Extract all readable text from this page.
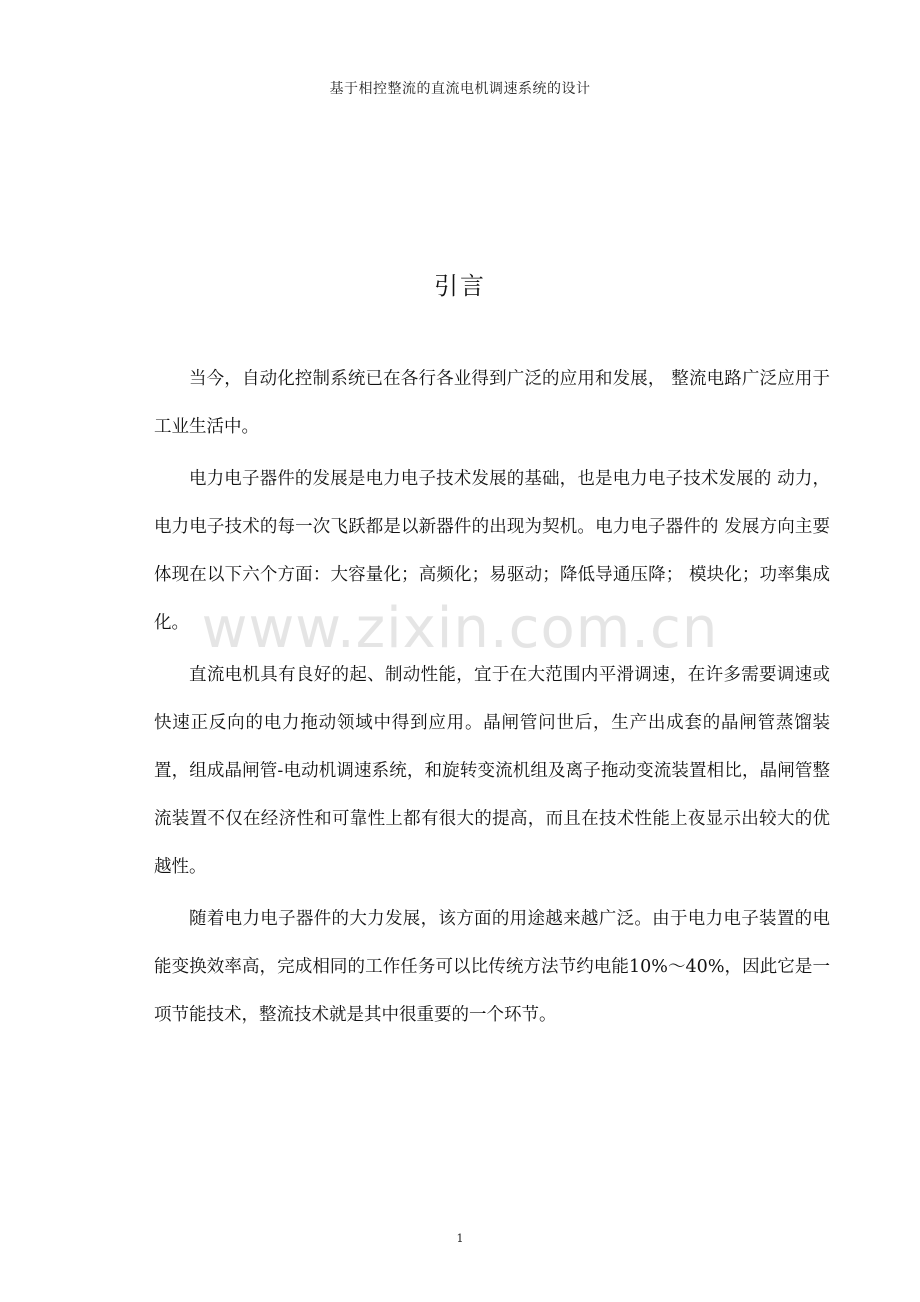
基于相控整流的直流电机调速系统的设计
引言

当今，自动化控制系统已在各行各业得到广泛的应用和发展， 整流电路广泛应用于工业生活中。

电力电子器件的发展是电力电子技术发展的基础，也是电力电子技术发展的 动力，电力电子技术的每一次飞跃都是以新器件的出现为契机。电力电子器件的 发展方向主要体现在以下六个方面：大容量化；高频化；易驱动；降低导通压降； 模块化；功率集成化。

直流电机具有良好的起、制动性能，宜于在大范围内平滑调速，在许多需要调速或快速正反向的电力拖动领域中得到应用。晶闸管问世后，生产出成套的晶闸管蒸馏装置，组成晶闸管-电动机调速系统，和旋转变流机组及离子拖动变流装置相比，晶闸管整流装置不仅在经济性和可靠性上都有很大的提高，而且在技术性能上夜显示出较大的优越性。

随着电力电子器件的大力发展，该方面的用途越来越广泛。由于电力电子装置的电能变换效率高，完成相同的工作任务可以比传统方法节约电能10%～40%，因此它是一项节能技术，整流技术就是其中很重要的一个环节。

www.zixin.com.cn
1
